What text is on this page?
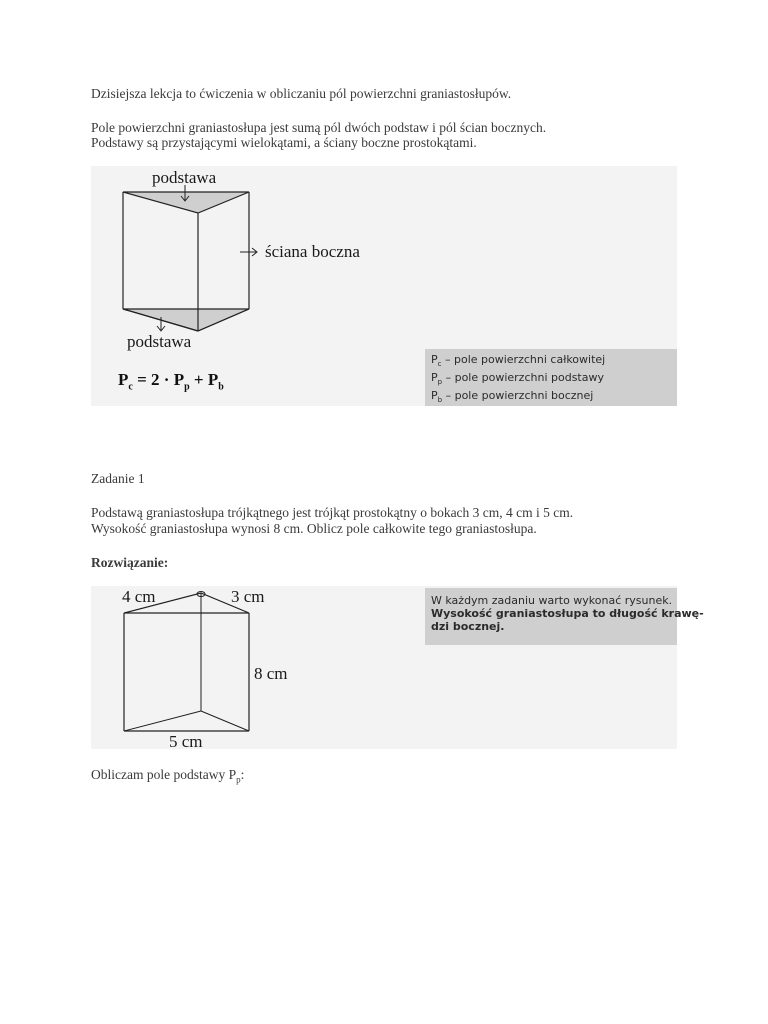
Dzisiejsza lekcja to ćwiczenia w obliczaniu pól powierzchni graniastosłupów.

Pole powierzchni graniastosłupa jest sumą pól dwóch podstaw i pól ścian bocznych.

Podstawy są przystającymi wielokątami, a ściany boczne prostokątami.

podstawa
ściana boczna
podstawa
$P_c = 2 \cdot P_p + P_b$
$P_c$ – pole powierzchni całkowitej
$P_p$ – pole powierzchni podstawy
$P_b$ – pole powierzchni bocznej

Zadanie 1

Podstawą graniastosłupa trójkątnego jest trójkąt prostokątny o bokach 3 cm, 4 cm i 5 cm.

Wysokość graniastosłupa wynosi 8 cm. Oblicz pole całkowite tego graniastosłupa.

Rozwiązanie:

4 cm	3 cm
8 cm
5 cm
W każdym zadaniu warto wykonać rysunek.
Wysokość graniastosłupa to długość krawę-
dzi bocznej.

Obliczam pole podstawy $P_p$:
